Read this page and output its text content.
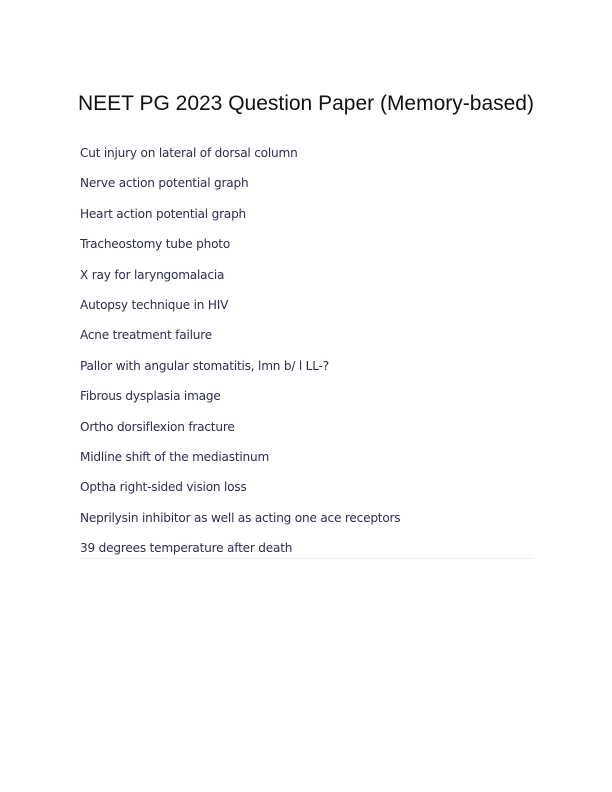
NEET PG 2023 Question Paper (Memory-based)
Cut injury on lateral of dorsal column
Nerve action potential graph
Heart action potential graph
Tracheostomy tube photo
X ray for laryngomalacia
Autopsy technique in HIV
Acne treatment failure
Pallor with angular stomatitis, lmn b/ l LL-?
Fibrous dysplasia image
Ortho dorsiflexion fracture
Midline shift of the mediastinum
Optha right-sided vision loss
Neprilysin inhibitor as well as acting one ace receptors
39 degrees temperature after death
